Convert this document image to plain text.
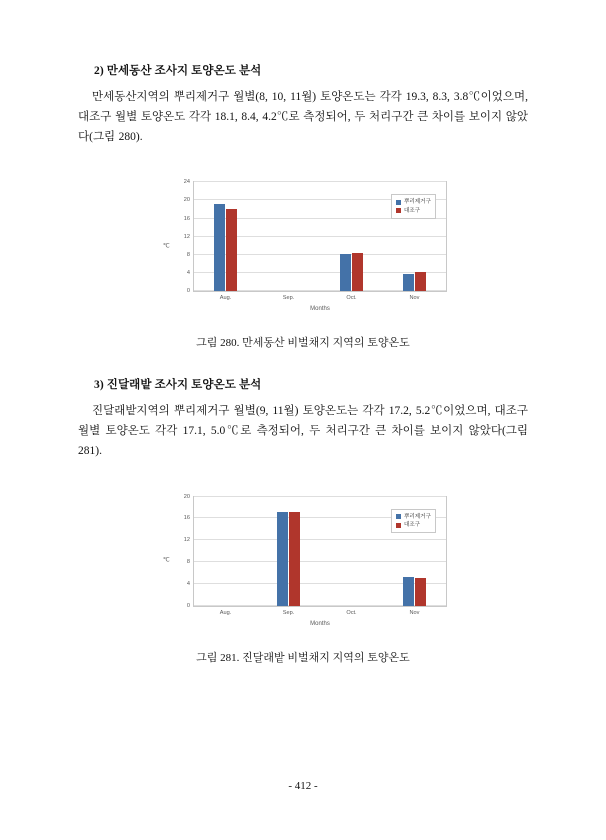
2) 만세동산 조사지 토양온도 분석

만세동산지역의 뿌리제거구 월별(8, 10, 11월) 토양온도는 각각 19.3, 8.3, 3.8℃이었으며, 대조구 월별 토양온도 각각 18.1, 8.4, 4.2℃로 측정되어, 두 처리구간 큰 차이를 보이지 않았다(그림 280).

0
4
8
12
16
20
24
Aug.	Sep.	Oct.	Nov
뿌리제거구
대조구
℃
Months
그림 280. 만세동산 비벌채지 지역의 토양온도
3) 진달래밭 조사지 토양온도 분석

진달래밭지역의 뿌리제거구 월별(9, 11월) 토양온도는 각각 17.2, 5.2℃이었으며, 대조구 월별 토양온도 각각 17.1, 5.0℃로 측정되어, 두 처리구간 큰 차이를 보이지 않았다(그림 281).

0
4
8
12
16
20
Aug.	Sep.	Oct.	Nov
뿌리제거구
대조구
℃
Months
그림 281. 진달래밭 비벌채지 지역의 토양온도
- 412 -
